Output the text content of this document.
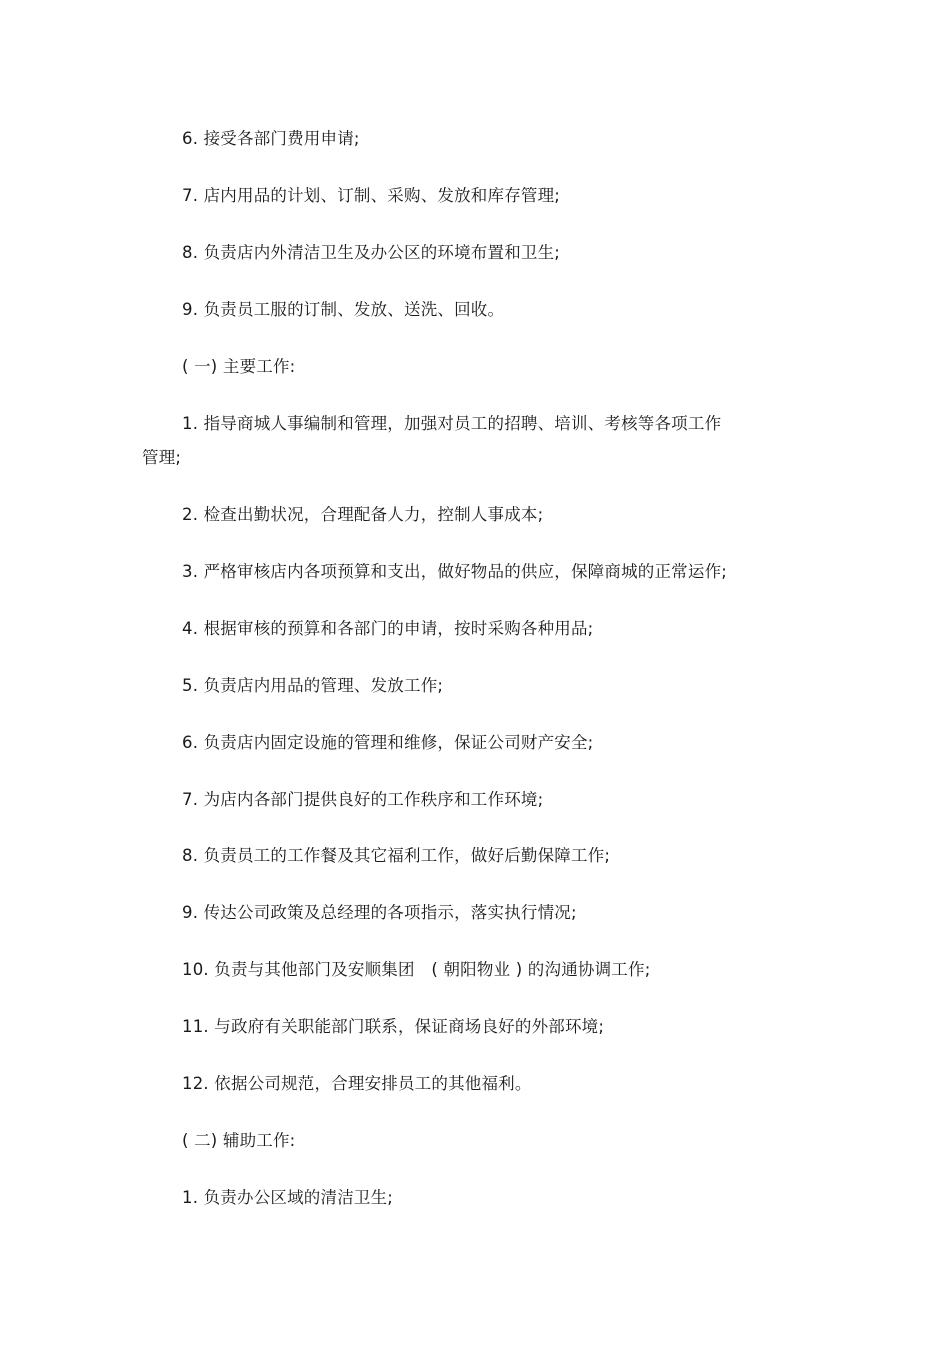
6. 接受各部门费用申请;
7. 店内用品的计划、订制、采购、发放和库存管理;
8. 负责店内外清洁卫生及办公区的环境布置和卫生;
9. 负责员工服的订制、发放、送洗、回收。
( 一) 主要工作:
1. 指导商城人事编制和管理，加强对员工的招聘、培训、考核等各项工作
管理;
2. 检查出勤状况，合理配备人力，控制人事成本;
3. 严格审核店内各项预算和支出，做好物品的供应，保障商城的正常运作;
4. 根据审核的预算和各部门的申请，按时采购各种用品;
5. 负责店内用品的管理、发放工作;
6. 负责店内固定设施的管理和维修，保证公司财产安全;
7. 为店内各部门提供良好的工作秩序和工作环境;
8. 负责员工的工作餐及其它福利工作，做好后勤保障工作;
9. 传达公司政策及总经理的各项指示，落实执行情况;
10. 负责与其他部门及安顺集团　( 朝阳物业 ) 的沟通协调工作;
11. 与政府有关职能部门联系，保证商场良好的外部环境;
12. 依据公司规范，合理安排员工的其他福利。
( 二) 辅助工作:
1. 负责办公区域的清洁卫生;
